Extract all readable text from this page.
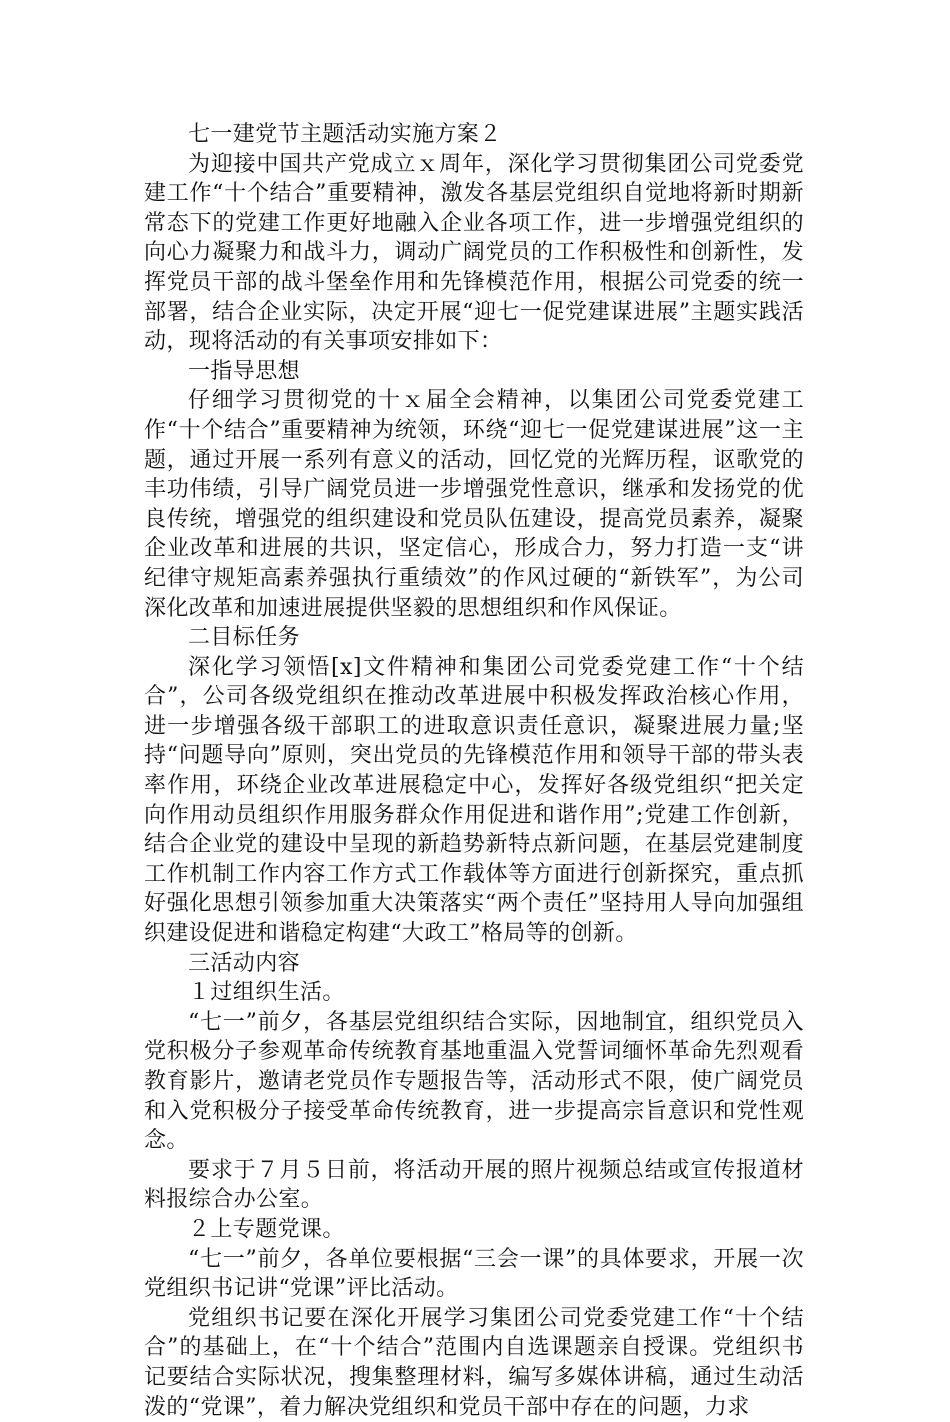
七一建党节主题活动实施方案２

为迎接中国共产党成立ｘ周年，深化学习贯彻集团公司党委党建工作“十个结合”重要精神，激发各基层党组织自觉地将新时期新常态下的党建工作更好地融入企业各项工作，进一步增强党组织的向心力凝聚力和战斗力，调动广阔党员的工作积极性和创新性，发挥党员干部的战斗堡垒作用和先锋模范作用，根据公司党委的统一部署，结合企业实际，决定开展“迎七一促党建谋进展”主题实践活动，现将活动的有关事项安排如下：

一指导思想

仔细学习贯彻党的十ｘ届全会精神，以集团公司党委党建工作“十个结合”重要精神为统领，环绕“迎七一促党建谋进展”这一主题，通过开展一系列有意义的活动，回忆党的光辉历程，讴歌党的丰功伟绩，引导广阔党员进一步增强党性意识，继承和发扬党的优良传统，增强党的组织建设和党员队伍建设，提高党员素养，凝聚企业改革和进展的共识，坚定信心，形成合力，努力打造一支“讲纪律守规矩高素养强执行重绩效”的作风过硬的“新铁军”，为公司深化改革和加速进展提供坚毅的思想组织和作风保证。

二目标任务

深化学习领悟[x]文件精神和集团公司党委党建工作“十个结合”，公司各级党组织在推动改革进展中积极发挥政治核心作用，进一步增强各级干部职工的进取意识责任意识，凝聚进展力量;坚持“问题导向”原则，突出党员的先锋模范作用和领导干部的带头表率作用，环绕企业改革进展稳定中心，发挥好各级党组织“把关定向作用动员组织作用服务群众作用促进和谐作用”;党建工作创新，结合企业党的建设中呈现的新趋势新特点新问题，在基层党建制度工作机制工作内容工作方式工作载体等方面进行创新探究，重点抓好强化思想引领参加重大决策落实“两个责任”坚持用人导向加强组织建设促进和谐稳定构建“大政工”格局等的创新。

三活动内容

１过组织生活。

“七一”前夕，各基层党组织结合实际，因地制宜，组织党员入党积极分子参观革命传统教育基地重温入党誓词缅怀革命先烈观看教育影片，邀请老党员作专题报告等，活动形式不限，使广阔党员和入党积极分子接受革命传统教育，进一步提高宗旨意识和党性观念。

要求于７月５日前，将活动开展的照片视频总结或宣传报道材料报综合办公室。

２上专题党课。

“七一”前夕，各单位要根据“三会一课”的具体要求，开展一次党组织书记讲“党课”评比活动。

党组织书记要在深化开展学习集团公司党委党建工作“十个结合”的基础上，在“十个结合”范围内自选课题亲自授课。党组织书记要结合实际状况，搜集整理材料，编写多媒体讲稿，通过生动活泼的“党课”，着力解决党组织和党员干部中存在的问题，力求
